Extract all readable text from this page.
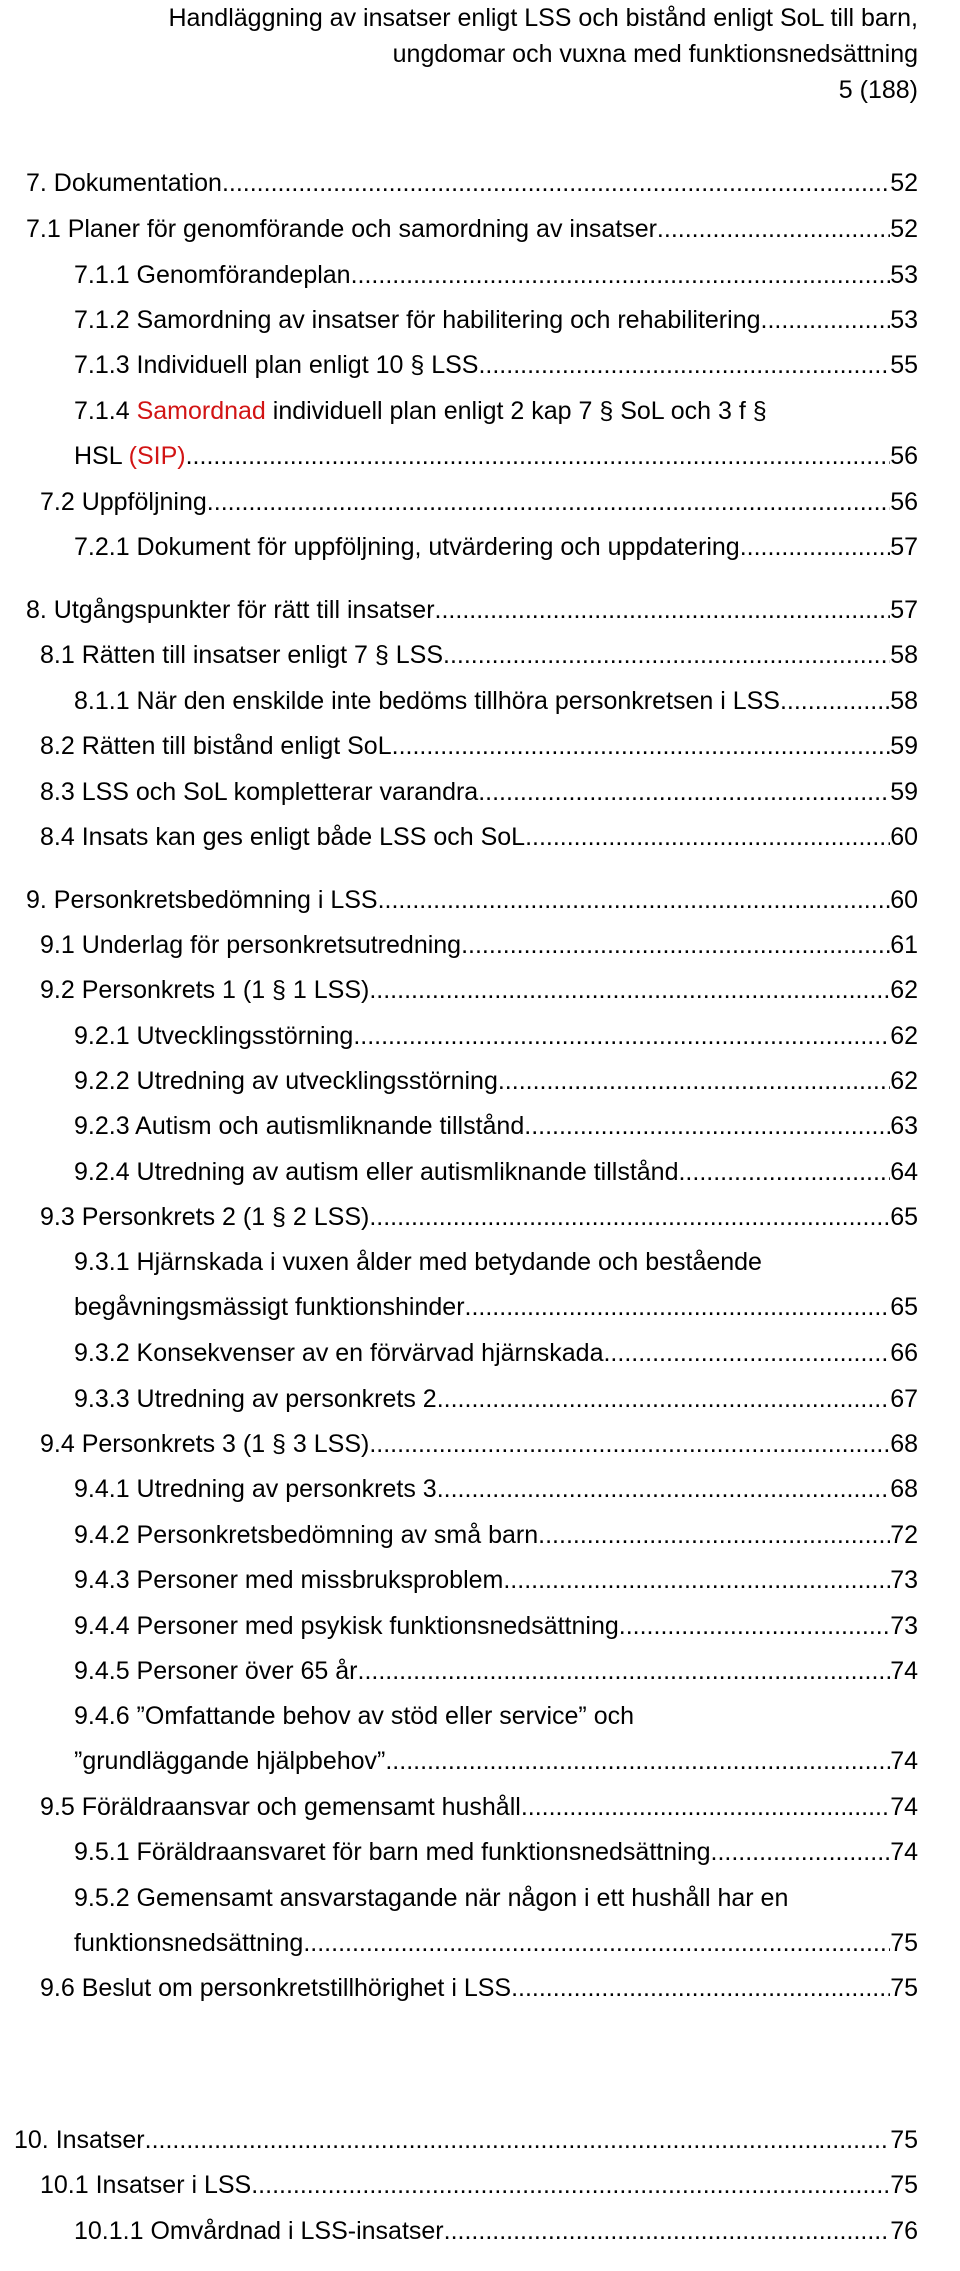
Handläggning av insatser enligt LSS och bistånd enligt SoL till barn,
ungdomar och vuxna med funktionsnedsättning
5 (188)
7. Dokumentation .....	52
7.1 Planer för genomförande och samordning av insatser .....	52
7.1.1 Genomförandeplan .....	53
7.1.2 Samordning av insatser för habilitering och rehabilitering .....	53
7.1.3 Individuell plan enligt 10 § LSS .....	55
7.1.4 Samordnad individuell plan enligt 2 kap 7 § SoL och 3 f §
HSL (SIP) .....	56
7.2 Uppföljning .....	56
7.2.1 Dokument för uppföljning, utvärdering och uppdatering .....	57
8. Utgångspunkter för rätt till insatser .....	57
8.1 Rätten till insatser enligt 7 § LSS .....	58
8.1.1 När den enskilde inte bedöms tillhöra personkretsen i LSS .....	58
8.2 Rätten till bistånd enligt SoL .....	59
8.3 LSS och SoL kompletterar varandra .....	59
8.4 Insats kan ges enligt både LSS och SoL .....	60
9. Personkretsbedömning i LSS .....	60
9.1 Underlag för personkretsutredning .....	61
9.2 Personkrets 1 (1 § 1 LSS) .....	62
9.2.1 Utvecklingsstörning .....	62
9.2.2 Utredning av utvecklingsstörning .....	62
9.2.3 Autism och autismliknande tillstånd .....	63
9.2.4 Utredning av autism eller autismliknande tillstånd .....	64
9.3 Personkrets 2 (1 § 2 LSS) .....	65
9.3.1 Hjärnskada i vuxen ålder med betydande och bestående
begåvningsmässigt funktionshinder .....	65
9.3.2 Konsekvenser av en förvärvad hjärnskada .....	66
9.3.3 Utredning av personkrets 2 .....	67
9.4 Personkrets 3 (1 § 3 LSS) .....	68
9.4.1 Utredning av personkrets 3 .....	68
9.4.2 Personkretsbedömning av små barn .....	72
9.4.3 Personer med missbruksproblem .....	73
9.4.4 Personer med psykisk funktionsnedsättning .....	73
9.4.5 Personer över 65 år .....	74
9.4.6 ”Omfattande behov av stöd eller service” och
”grundläggande hjälpbehov” .....	74
9.5 Föräldraansvar och gemensamt hushåll .....	74
9.5.1 Föräldraansvaret för barn med funktionsnedsättning .....	74
9.5.2 Gemensamt ansvarstagande när någon i ett hushåll har en
funktionsnedsättning .....	75
9.6 Beslut om personkretstillhörighet i LSS .....	75
10. Insatser .....	75
10.1 Insatser i LSS .....	75
10.1.1 Omvårdnad i LSS-insatser .....	76
